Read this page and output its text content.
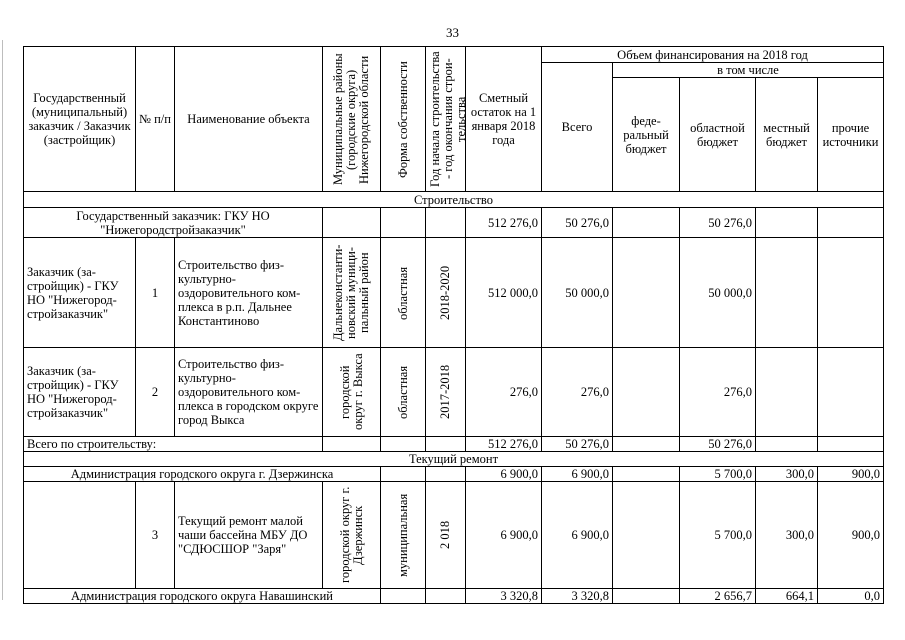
33
Государственный (муниципальный) заказчик / Заказчик (застройщик)	№ п/п	Наименование объекта	Муниципальные районы (городские округа) Нижегородской области	Форма собственности	Год начала строительства - год окончания строительства	Сметный остаток на 1 января 2018 года	Объем финансирования на 2018 год				
							Всего	в том числе			
								федеральный бюджет	областной бюджет	местный бюджет	прочие источники
Строительство											
Государственный заказчик: ГКУ НО "Нижегородстройзаказчик"						512 276,0	50 276,0		50 276,0		
Заказчик (застройщик) - ГКУ НО "Нижегородстройзаказчик"	1	Строительство физкультурно-оздоровительного комплекса в р.п. Дальнее Константиново	Дальнеконстантиновский муниципальный район	областная	2018-2020	512 000,0	50 000,0		50 000,0		
Заказчик (застройщик) - ГКУ НО "Нижегородстройзаказчик"	2	Строительство физкультурно-оздоровительного комплекса в городском округе город Выкса	городской округ г. Выкса	областная	2017-2018	276,0	276,0		276,0		
Всего по строительству:						512 276,0	50 276,0		50 276,0		
Текущий ремонт											
Администрация городского округа г. Дзержинска						6 900,0	6 900,0		5 700,0	300,0	900,0
	3	Текущий ремонт малой чаши бассейна МБУ ДО "СДЮСШОР "Заря"	городской округ г. Дзержинск	муниципальная	2 018	6 900,0	6 900,0		5 700,0	300,0	900,0
Администрация городского округа Навашинский						3 320,8	3 320,8		2 656,7	664,1	0,0
